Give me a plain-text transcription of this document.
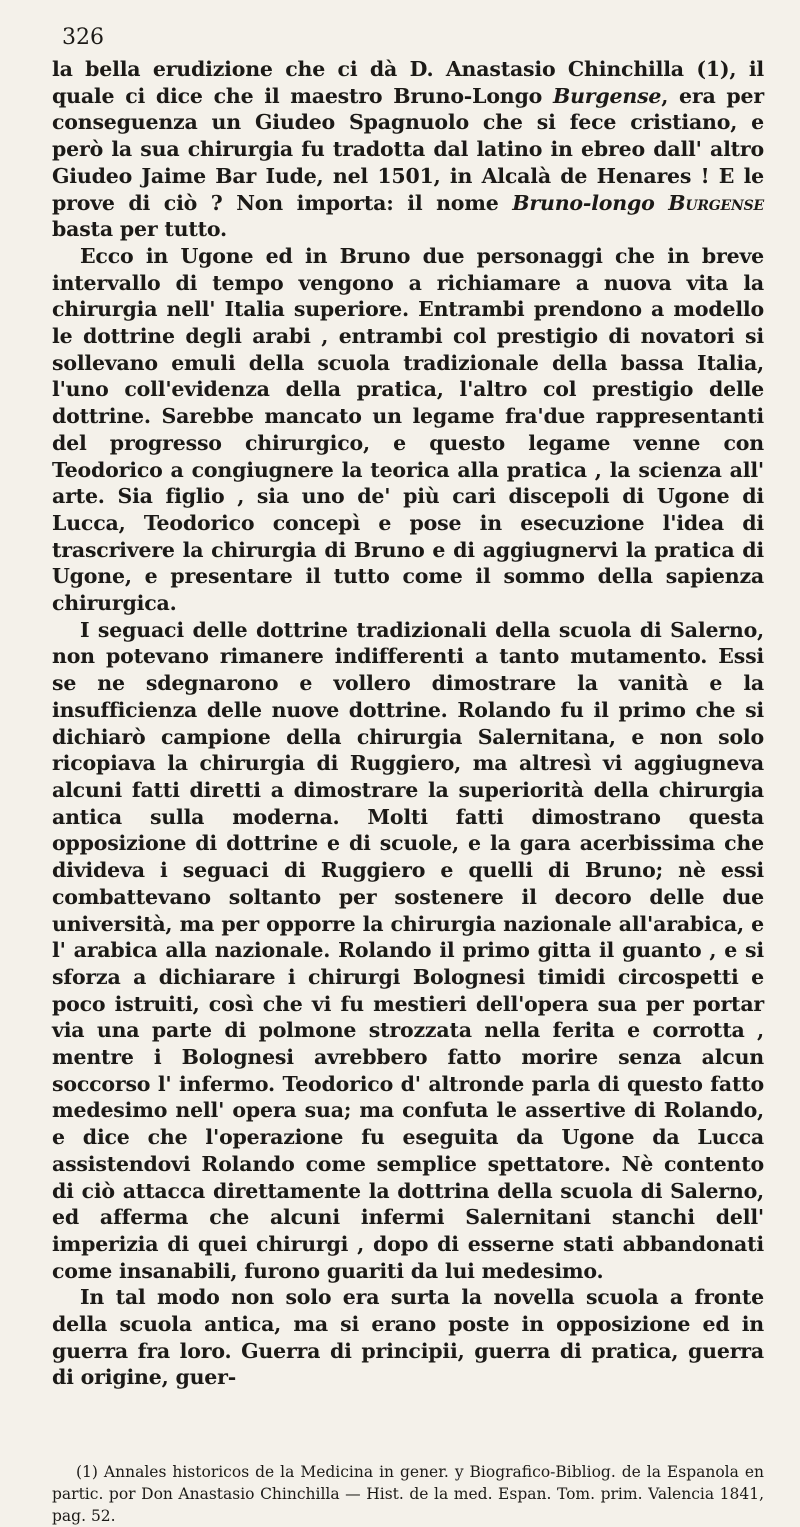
326

la bella erudizione che ci dà D. Anastasio Chinchilla (1), il quale ci dice che il maestro Bruno-Longo Burgense, era per conseguenza un Giudeo Spagnuolo che si fece cristiano, e però la sua chirurgia fu tradotta dal latino in ebreo dall' altro Giudeo Jaime Bar Iude, nel 1501, in Alcalà de Henares ! E le prove di ciò ? Non importa: il nome Bruno-longo Burgense basta per tutto.

Ecco in Ugone ed in Bruno due personaggi che in breve intervallo di tempo vengono a richiamare a nuova vita la chirurgia nell' Italia superiore. Entrambi prendono a modello le dottrine degli arabi , entrambi col prestigio di novatori si sollevano emuli della scuola tradizionale della bassa Italia, l'uno coll'evidenza della pratica, l'altro col prestigio delle dottrine. Sarebbe mancato un legame fra'due rappresentanti del progresso chirurgico, e questo legame venne con Teodorico a congiugnere la teorica alla pratica , la scienza all' arte. Sia figlio , sia uno de' più cari discepoli di Ugone di Lucca, Teodorico concepì e pose in esecuzione l'idea di trascrivere la chirurgia di Bruno e di aggiugnervi la pratica di Ugone, e presentare il tutto come il sommo della sapienza chirurgica.

I seguaci delle dottrine tradizionali della scuola di Salerno, non potevano rimanere indifferenti a tanto mutamento. Essi se ne sdegnarono e vollero dimostrare la vanità e la insufficienza delle nuove dottrine. Rolando fu il primo che si dichiarò campione della chirurgia Salernitana, e non solo ricopiava la chirurgia di Ruggiero, ma altresì vi aggiugneva alcuni fatti diretti a dimostrare la superiorità della chirurgia antica sulla moderna. Molti fatti dimostrano questa opposizione di dottrine e di scuole, e la gara acerbissima che divideva i seguaci di Ruggiero e quelli di Bruno; nè essi combattevano soltanto per sostenere il decoro delle due università, ma per opporre la chirurgia nazionale all'arabica, e l' arabica alla nazionale. Rolando il primo gitta il guanto , e si sforza a dichiarare i chirurgi Bolognesi timidi circospetti e poco istruiti, così che vi fu mestieri dell'opera sua per portar via una parte di polmone strozzata nella ferita e corrotta , mentre i Bolognesi avrebbero fatto morire senza alcun soccorso l' infermo. Teodorico d' altronde parla di questo fatto medesimo nell' opera sua; ma confuta le assertive di Rolando, e dice che l'operazione fu eseguita da Ugone da Lucca assistendovi Rolando come semplice spettatore. Nè contento di ciò attacca direttamente la dottrina della scuola di Salerno, ed afferma che alcuni infermi Salernitani stanchi dell' imperizia di quei chirurgi , dopo di esserne stati abbandonati come insanabili, furono guariti da lui medesimo.

In tal modo non solo era surta la novella scuola a fronte della scuola antica, ma si erano poste in opposizione ed in guerra fra loro. Guerra di principii, guerra di pratica, guerra di origine, guer-

(1) Annales historicos de la Medicina in gener. y Biografico-Bibliog. de la Espanola en partic. por Don Anastasio Chinchilla — Hist. de la med. Espan. Tom. prim. Valencia 1841, pag. 52.
